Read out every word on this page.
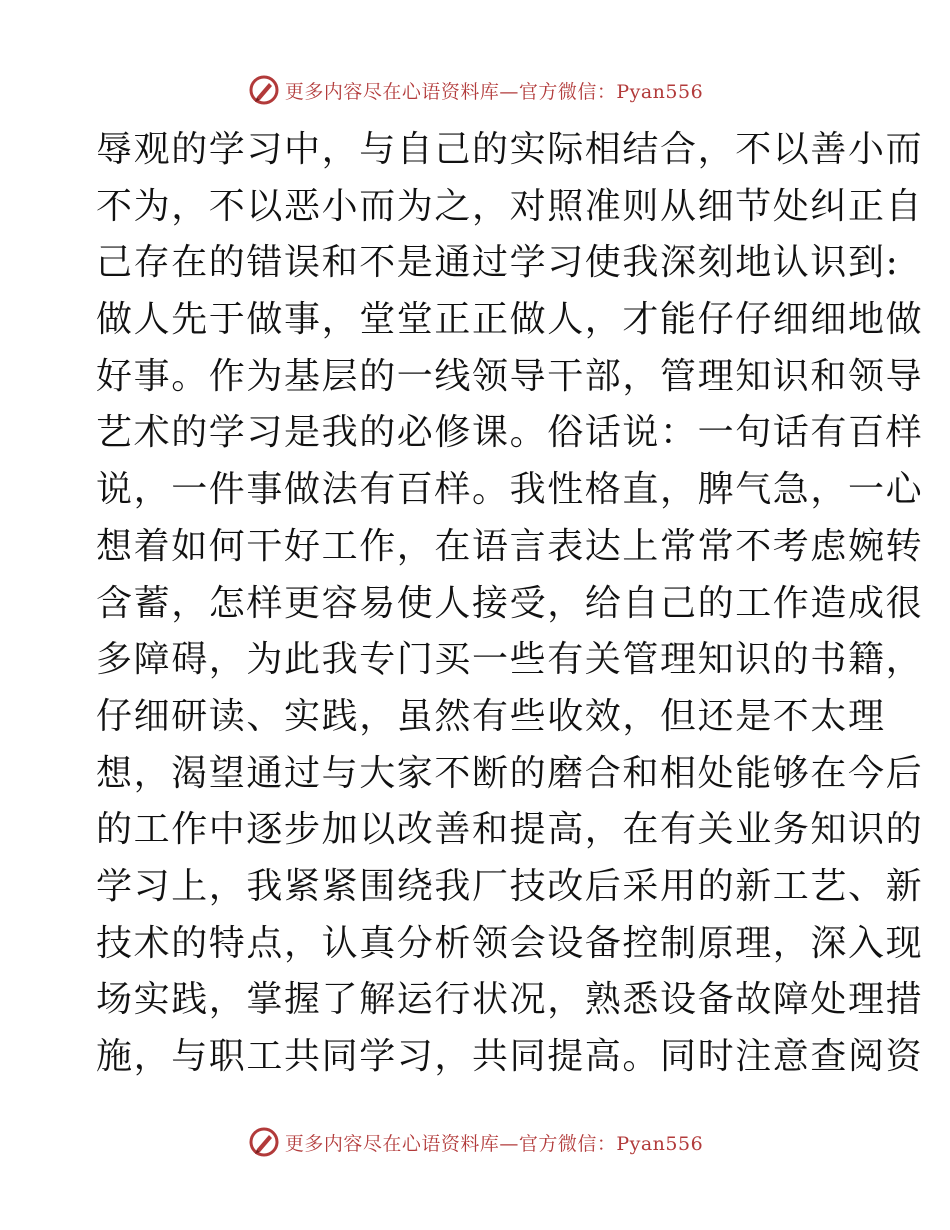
更多内容尽在心语资料库—官方微信：Pyan556
辱观的学习中，与自己的实际相结合，不以善小而
不为，不以恶小而为之，对照准则从细节处纠正自
己存在的错误和不是通过学习使我深刻地认识到:
做人先于做事，堂堂正正做人，才能仔仔细细地做
好事。作为基层的一线领导干部，管理知识和领导
艺术的学习是我的必修课。俗话说：一句话有百样
说，一件事做法有百样。我性格直，脾气急，一心
想着如何干好工作，在语言表达上常常不考虑婉转
含蓄，怎样更容易使人接受，给自己的工作造成很
多障碍，为此我专门买一些有关管理知识的书籍，
仔细研读、实践，虽然有些收效，但还是不太理
想，渴望通过与大家不断的磨合和相处能够在今后
的工作中逐步加以改善和提高，在有关业务知识的
学习上，我紧紧围绕我厂技改后采用的新工艺、新
技术的特点，认真分析领会设备控制原理，深入现
场实践，掌握了解运行状况，熟悉设备故障处理措
施，与职工共同学习，共同提高。同时注意查阅资
更多内容尽在心语资料库—官方微信：Pyan556
